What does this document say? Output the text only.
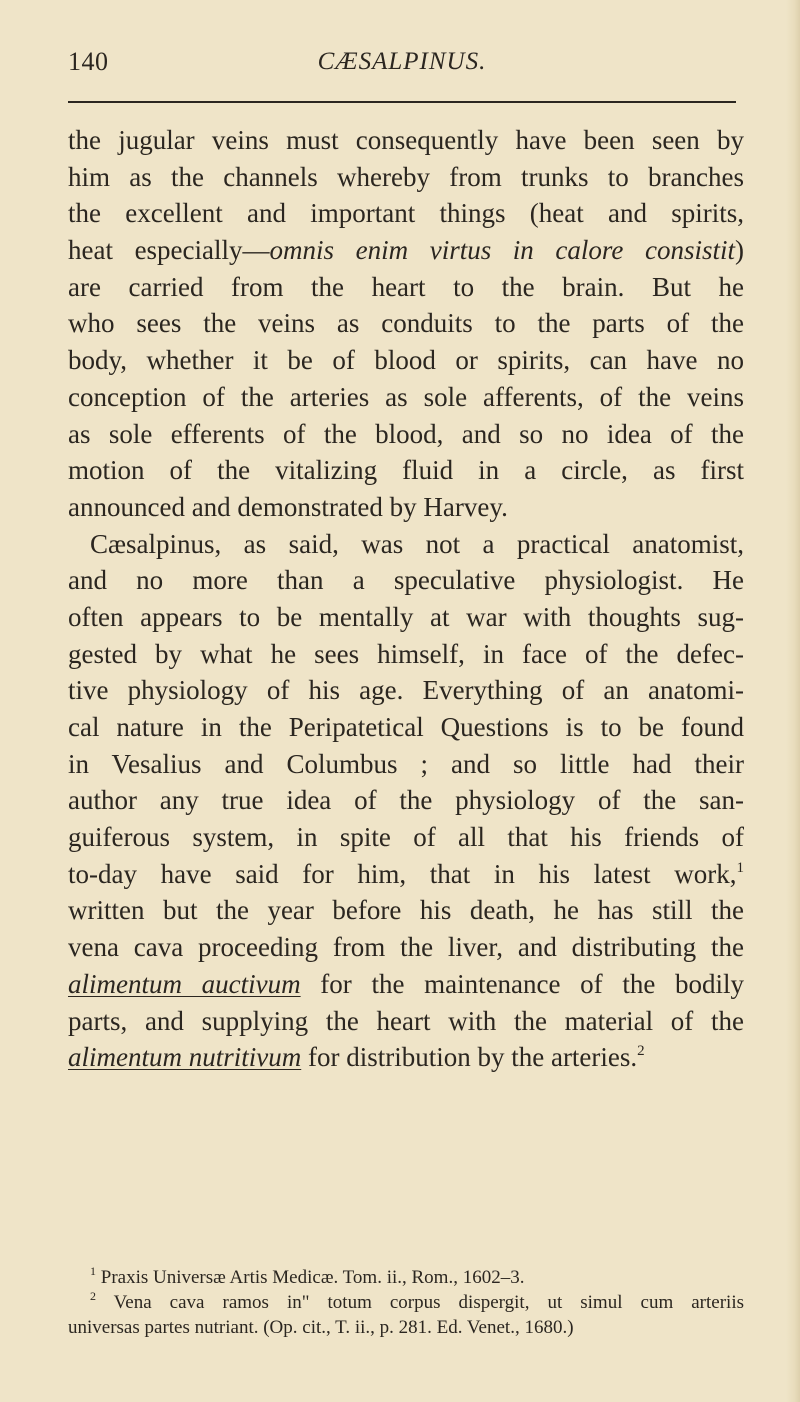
140	CÆSALPINUS.
the jugular veins must consequently have been seen by
him as the channels whereby from trunks to branches
the excellent and important things (heat and spirits,
heat especially—omnis enim virtus in calore consistit)
are carried from the heart to the brain. But he
who sees the veins as conduits to the parts of the
body, whether it be of blood or spirits, can have no
conception of the arteries as sole afferents, of the veins
as sole efferents of the blood, and so no idea of the
motion of the vitalizing fluid in a circle, as first
announced and demonstrated by Harvey.
Cæsalpinus, as said, was not a practical anatomist,
and no more than a speculative physiologist. He
often appears to be mentally at war with thoughts sug-
gested by what he sees himself, in face of the defec-
tive physiology of his age. Everything of an anatomi-
cal nature in the Peripatetical Questions is to be found
in Vesalius and Columbus ; and so little had their
author any true idea of the physiology of the san-
guiferous system, in spite of all that his friends of
to-day have said for him, that in his latest work,$^1$
written but the year before his death, he has still the
vena cava proceeding from the liver, and distributing the
alimentum auctivum for the maintenance of the bodily
parts, and supplying the heart with the material of the
alimentum nutritivum for distribution by the arteries.$^2$
$^1$ Praxis Universæ Artis Medicæ. Tom. ii., Rom., 1602–3.
$^2$ Vena cava ramos in" totum corpus dispergit, ut simul cum arteriis
universas partes nutriant. (Op. cit., T. ii., p. 281. Ed. Venet., 1680.)
